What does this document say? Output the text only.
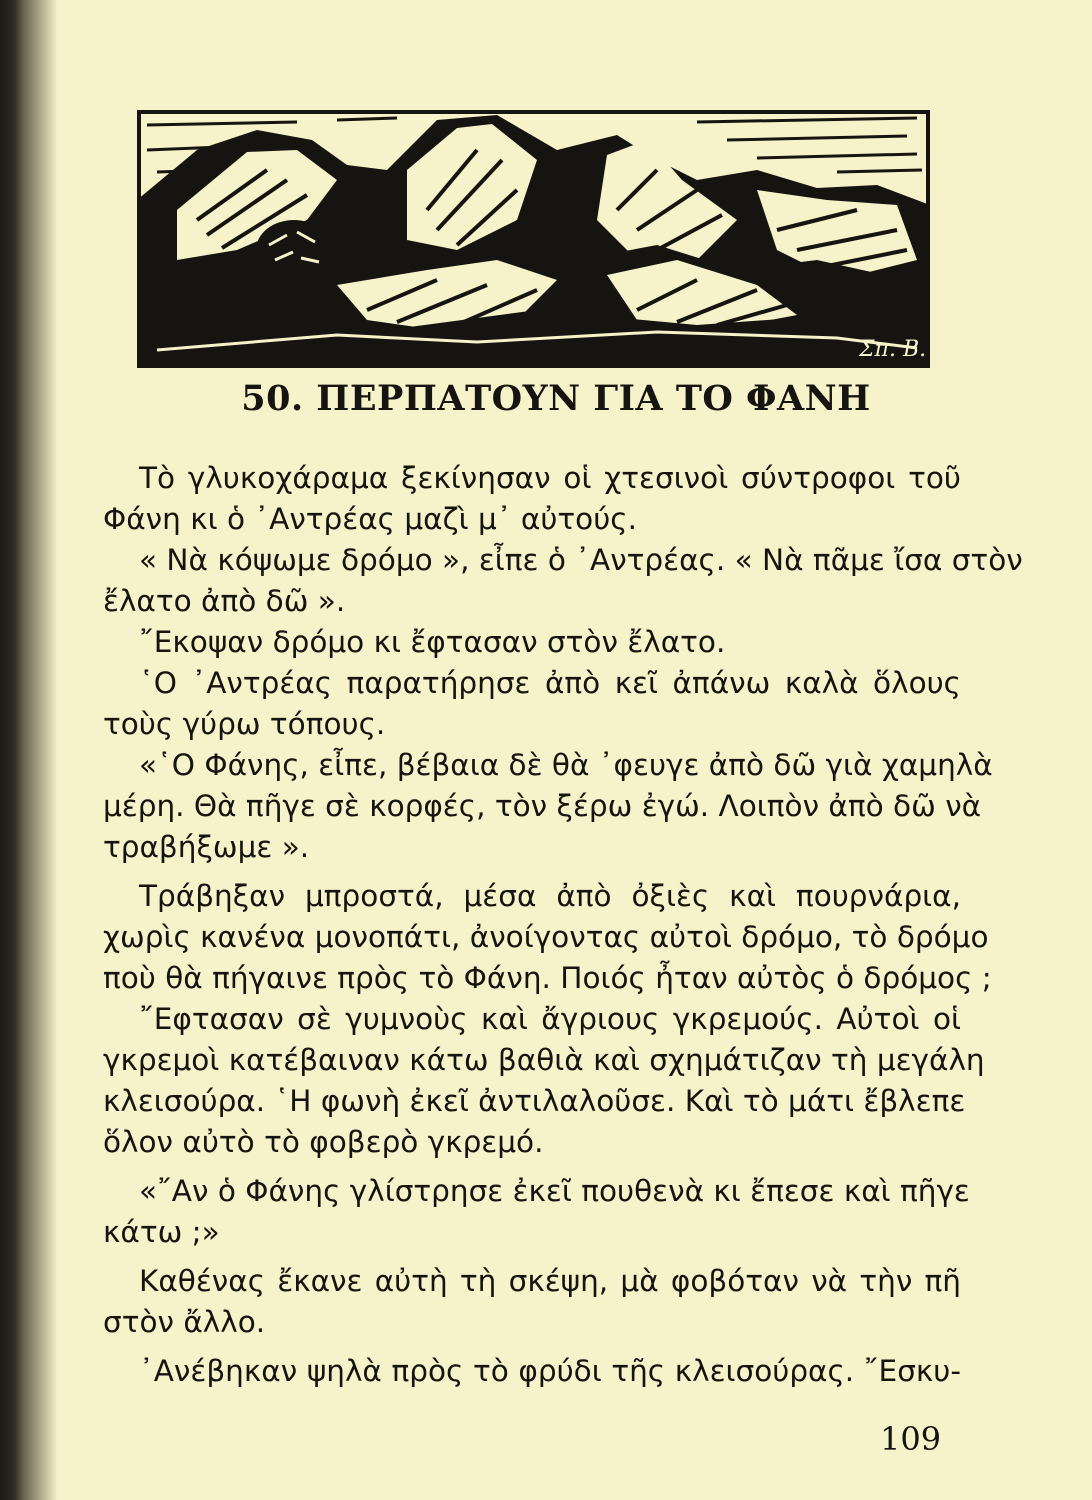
Σπ. Β.
50. ΠΕΡΠΑΤΟΥΝ ΓΙΑ ΤΟ ΦΑΝΗ
Τὸ γλυκοχάραμα ξεκίνησαν οἱ χτεσινοὶ σύντροφοι τοῦ
Φάνη κι ὁ ᾿Αντρέας μαζὶ μ᾿ αὐτούς.
« Νὰ κόψωμε δρόμο », εἶπε ὁ ᾿Αντρέας. « Νὰ πᾶμε ἴσα στὸν
ἔλατο ἀπὸ δῶ ».
῎Εκοψαν δρόμο κι ἔφτασαν στὸν ἔλατο.
῾Ο ᾿Αντρέας παρατήρησε ἀπὸ κεῖ ἀπάνω καλὰ ὅλους
τοὺς γύρω τόπους.
«῾Ο Φάνης, εἶπε, βέβαια δὲ θὰ ᾿φευγε ἀπὸ δῶ γιὰ χαμηλὰ
μέρη. Θὰ πῆγε σὲ κορφές, τὸν ξέρω ἐγώ. Λοιπὸν ἀπὸ δῶ νὰ
τραβήξωμε ».
Τράβηξαν μπροστά, μέσα ἀπὸ ὀξιὲς καὶ πουρνάρια,
χωρὶς κανένα μονοπάτι, ἀνοίγοντας αὐτοὶ δρόμο, τὸ δρόμο
ποὺ θὰ πήγαινε πρὸς τὸ Φάνη. Ποιός ἦταν αὐτὸς ὁ δρόμος ;
῎Εφτασαν σὲ γυμνοὺς καὶ ἄγριους γκρεμούς. Αὐτοὶ οἱ
γκρεμοὶ κατέβαιναν κάτω βαθιὰ καὶ σχημάτιζαν τὴ μεγάλη
κλεισούρα. ῾Η φωνὴ ἐκεῖ ἀντιλαλοῦσε. Καὶ τὸ μάτι ἔβλεπε
ὅλον αὐτὸ τὸ φοβερὸ γκρεμό.
«῎Αν ὁ Φάνης γλίστρησε ἐκεῖ πουθενὰ κι ἔπεσε καὶ πῆγε
κάτω ;»
Καθένας ἔκανε αὐτὴ τὴ σκέψη, μὰ φοβόταν νὰ τὴν πῆ
στὸν ἄλλο.
᾿Ανέβηκαν ψηλὰ πρὸς τὸ φρύδι τῆς κλεισούρας. ῎Εσκυ-
109
